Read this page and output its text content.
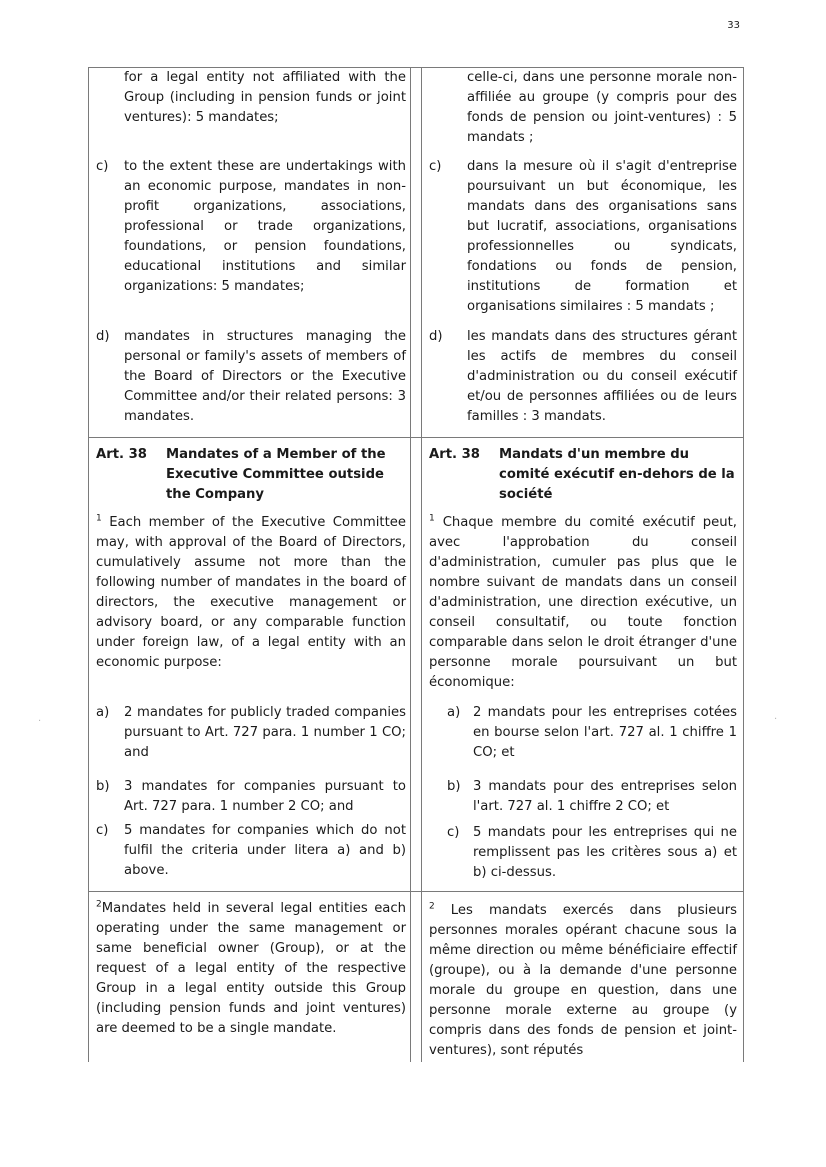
33
for a legal entity not affiliated with the Group (including in pension funds or joint ventures): 5 mandates;
c) to the extent these are undertakings with an economic purpose, mandates in non-profit organizations, associations, professional or trade organizations, foundations, or pension foundations, educational institutions and similar organizations: 5 mandates;
d) mandates in structures managing the personal or family's assets of members of the Board of Directors or the Executive Committee and/or their related persons: 3 mandates.
Art. 38 Mandates of a Member of the Executive Committee outside the Company
$^1$ Each member of the Executive Committee may, with approval of the Board of Directors, cumulatively assume not more than the following number of mandates in the board of directors, the executive management or advisory board, or any comparable function under foreign law, of a legal entity with an economic purpose:
a) 2 mandates for publicly traded companies pursuant to Art. 727 para. 1 number 1 CO; and
b) 3 mandates for companies pursuant to Art. 727 para. 1 number 2 CO; and
c) 5 mandates for companies which do not fulfil the criteria under litera a) and b) above.
$^2$Mandates held in several legal entities each operating under the same management or same beneficial owner (Group), or at the request of a legal entity of the respective Group in a legal entity outside this Group (including pension funds and joint ventures) are deemed to be a single mandate.
celle-ci, dans une personne morale non-affiliée au groupe (y compris pour des fonds de pension ou joint-ventures) : 5 mandats ;
c) dans la mesure où il s'agit d'entreprise poursuivant un but économique, les mandats dans des organisations sans but lucratif, associations, organisations professionnelles ou syndicats, fondations ou fonds de pension, institutions de formation et organisations similaires : 5 mandats ;
d) les mandats dans des structures gérant les actifs de membres du conseil d'administration ou du conseil exécutif et/ou de personnes affiliées ou de leurs familles : 3 mandats.
Art. 38 Mandats d'un membre du comité exécutif en-dehors de la société
$^1$ Chaque membre du comité exécutif peut, avec l'approbation du conseil d'administration, cumuler pas plus que le nombre suivant de mandats dans un conseil d'administration, une direction exécutive, un conseil consultatif, ou toute fonction comparable dans selon le droit étranger d'une personne morale poursuivant un but économique:
a) 2 mandats pour les entreprises cotées en bourse selon l'art. 727 al. 1 chiffre 1 CO; et
b) 3 mandats pour des entreprises selon l'art. 727 al. 1 chiffre 2 CO; et
c) 5 mandats pour les entreprises qui ne remplissent pas les critères sous a) et b) ci-dessus.
$^2$ Les mandats exercés dans plusieurs personnes morales opérant chacune sous la même direction ou même bénéficiaire effectif (groupe), ou à la demande d'une personne morale du groupe en question, dans une personne morale externe au groupe (y compris dans des fonds de pension et joint-ventures), sont réputés
·	·
